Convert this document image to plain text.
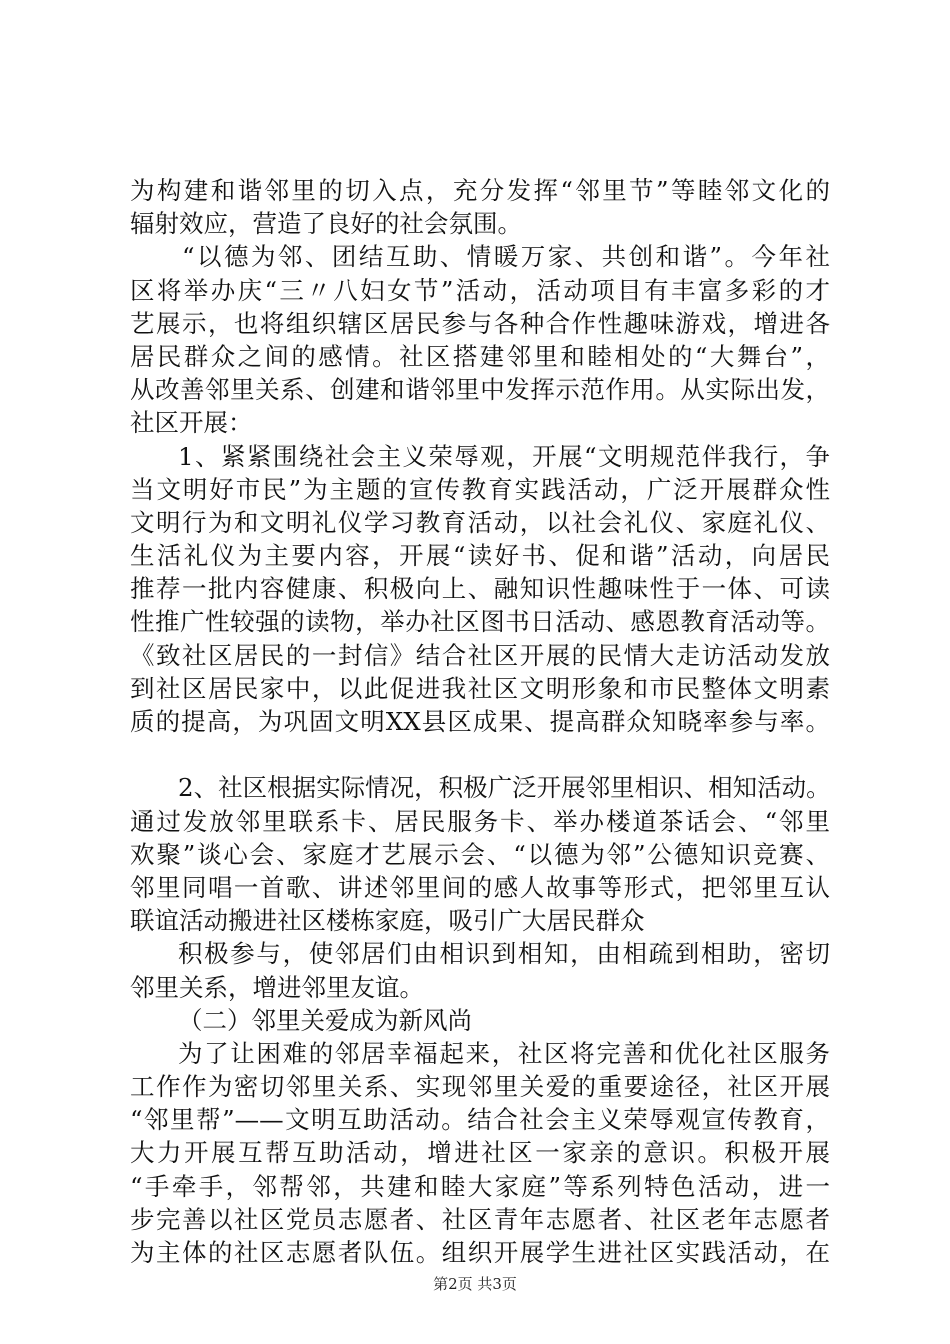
为构建和谐邻里的切入点，充分发挥“邻里节”等睦邻文化的
辐射效应，营造了良好的社会氛围。
“以德为邻、团结互助、情暖万家、共创和谐”。今年社
区将举办庆“三〃八妇女节”活动，活动项目有丰富多彩的才
艺展示，也将组织辖区居民参与各种合作性趣味游戏，增进各
居民群众之间的感情。社区搭建邻里和睦相处的“大舞台”，
从改善邻里关系、创建和谐邻里中发挥示范作用。从实际出发，
社区开展：
1、紧紧围绕社会主义荣辱观，开展“文明规范伴我行，争
当文明好市民”为主题的宣传教育实践活动，广泛开展群众性
文明行为和文明礼仪学习教育活动，以社会礼仪、家庭礼仪、
生活礼仪为主要内容，开展“读好书、促和谐”活动，向居民
推荐一批内容健康、积极向上、融知识性趣味性于一体、可读
性推广性较强的读物，举办社区图书日活动、感恩教育活动等。
《致社区居民的一封信》结合社区开展的民情大走访活动发放
到社区居民家中，以此促进我社区文明形象和市民整体文明素
质的提高，为巩固文明XX县区成果、提高群众知晓率参与率。
2、社区根据实际情况，积极广泛开展邻里相识、相知活动。
通过发放邻里联系卡、居民服务卡、举办楼道茶话会、“邻里
欢聚”谈心会、家庭才艺展示会、“以德为邻”公德知识竞赛、
邻里同唱一首歌、讲述邻里间的感人故事等形式，把邻里互认
联谊活动搬进社区楼栋家庭，吸引广大居民群众
积极参与，使邻居们由相识到相知，由相疏到相助，密切
邻里关系，增进邻里友谊。
（二）邻里关爱成为新风尚
为了让困难的邻居幸福起来，社区将完善和优化社区服务
工作作为密切邻里关系、实现邻里关爱的重要途径，社区开展
“邻里帮”——文明互助活动。结合社会主义荣辱观宣传教育，
大力开展互帮互助活动，增进社区一家亲的意识。积极开展
“手牵手，邻帮邻，共建和睦大家庭”等系列特色活动，进一
步完善以社区党员志愿者、社区青年志愿者、社区老年志愿者
为主体的社区志愿者队伍。组织开展学生进社区实践活动，在
第2页 共3页
